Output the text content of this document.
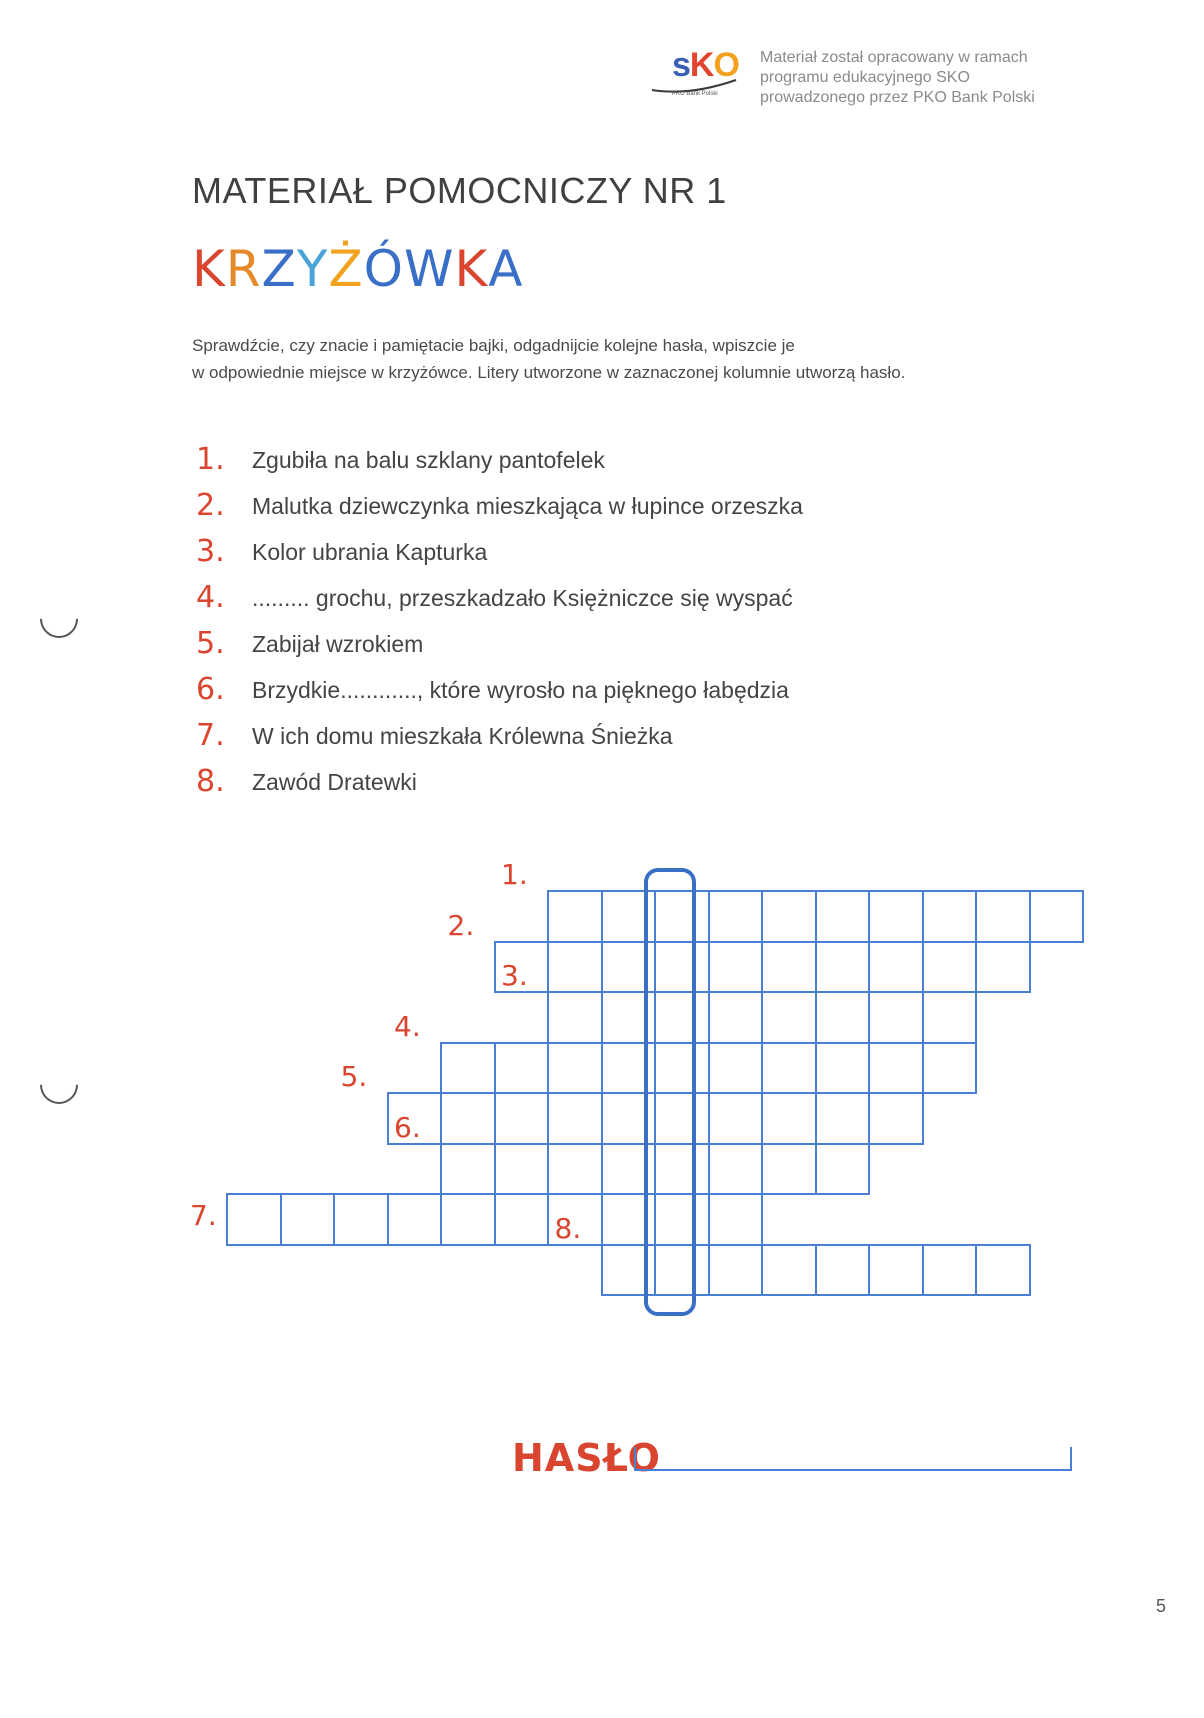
sKO
PKO Bank Polski
Materiał został opracowany w ramach
programu edukacyjnego SKO
prowadzonego przez PKO Bank Polski
MATERIAŁ POMOCNICZY NR 1
KRZYŻÓWKA
Sprawdźcie, czy znacie i pamiętacie bajki, odgadnijcie kolejne hasła, wpiszcie je
w odpowiednie miejsce w krzyżówce. Litery utworzone w zaznaczonej kolumnie utworzą hasło.
1. Zgubiła na balu szklany pantofelek
2. Malutka dziewczynka mieszkająca w łupince orzeszka
3. Kolor ubrania Kapturka
4. ......... grochu, przeszkadzało Księżniczce się wyspać
5. Zabijał wzrokiem
6. Brzydkie............, które wyrosło na pięknego łabędzia
7. W ich domu mieszkała Królewna Śnieżka
8. Zawód Dratewki
1.
2.
3.
4.
5.
6.
7.	8.
HASŁO
5
